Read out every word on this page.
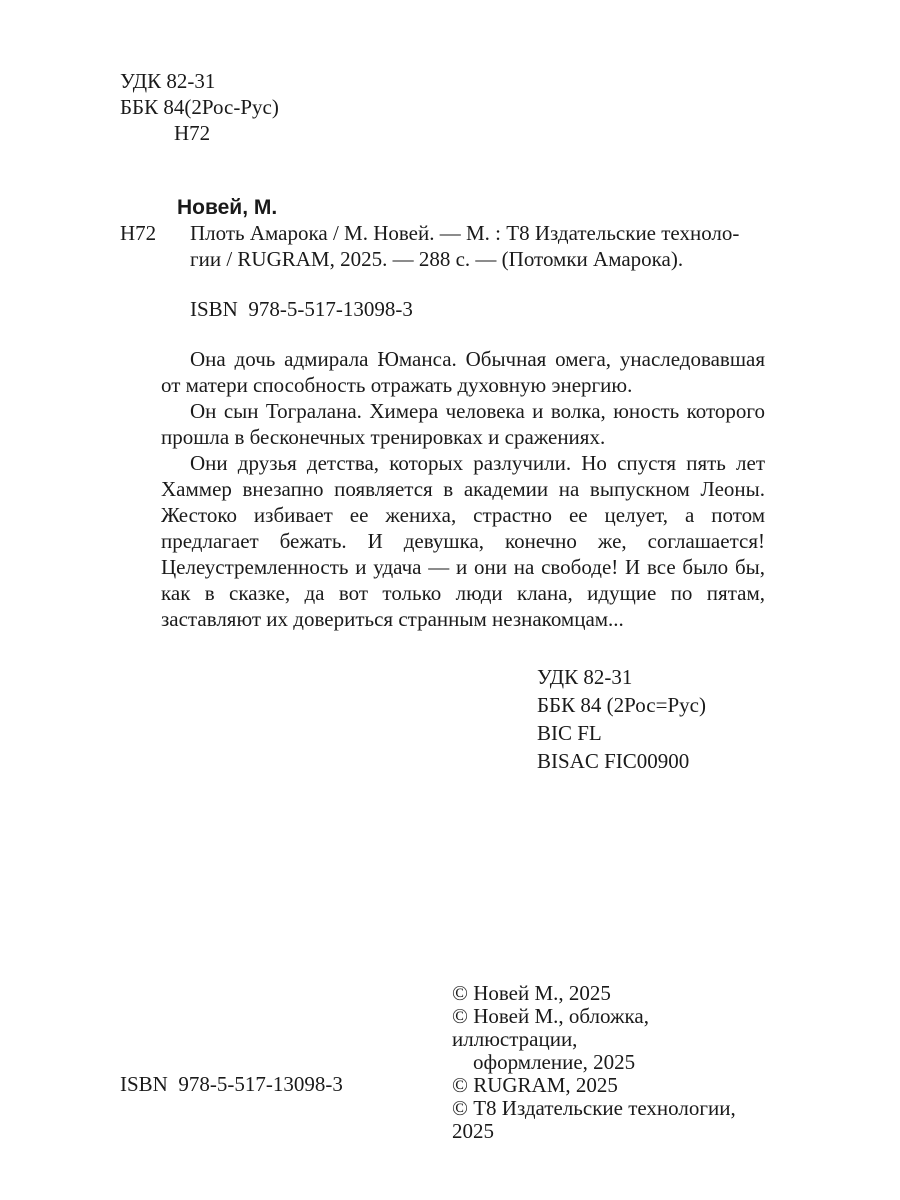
УДК 82-31
ББК 84(2Рос-Рус)
Н72
Новей, М.
Н72 Плоть Амарока / М. Новей. — М. : Т8 Издательские техноло-
гии / RUGRAM, 2025. — 288 с. — (Потомки Амарока).
ISBN  978-5-517-13098-3

Она дочь адмирала Юманса. Обычная омега, унаследовавшая от матери способность отражать духовную энергию.

Он сын Тогралана. Химера человека и волка, юность которого прошла в бесконечных тренировках и сражениях.

Они друзья детства, которых разлучили. Но спустя пять лет Хаммер внезапно появляется в академии на выпускном Леоны. Жестоко избивает ее жениха, страстно ее целует, а потом предлагает бежать. И девушка, конечно же, соглашается! Целеустремленность и удача — и они на свободе! И все было бы, как в сказке, да вот только люди клана, идущие по пятам, заставляют их довериться странным незнакомцам...

УДК 82-31
ББК 84 (2Рос=Рус)
BIC FL
BISAC FIC00900
© Новей М., 2025
© Новей М., обложка, иллюстрации,
оформление, 2025
© RUGRAM, 2025
© Т8 Издательские технологии, 2025
ISBN  978-5-517-13098-3
